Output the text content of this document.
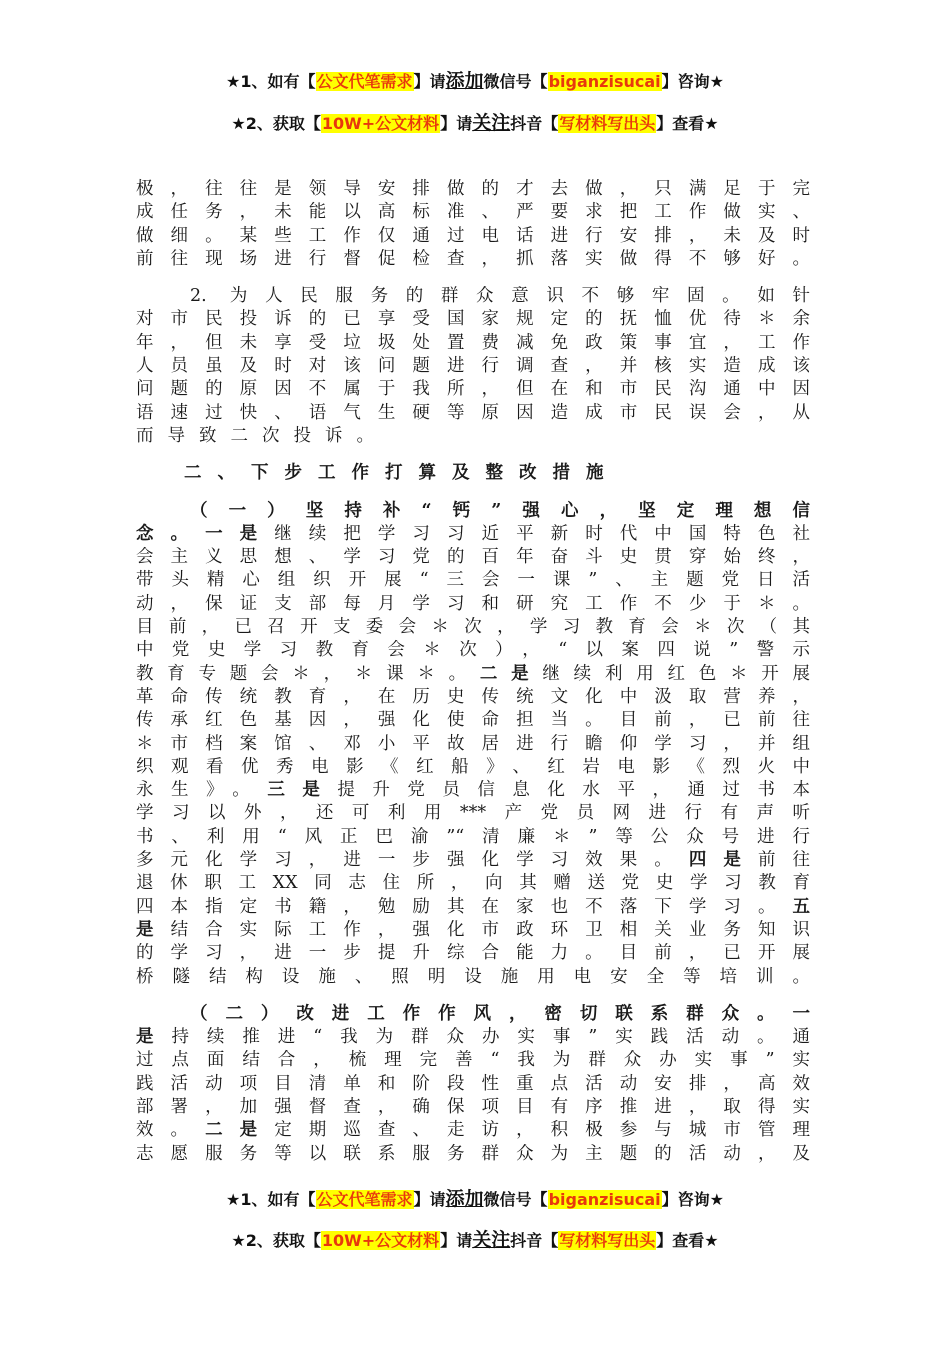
★1、如有【公文代笔需求】请添加微信号【biganzisucai】咨询★
★2、获取【10W+公文材料】请关注抖音【写材料写出头】查看★

极，往往是领导安排做的才去做，只满足于完

成任务，未能以高标准、严要求把工作做实、

做细。某些工作仅通过电话进行安排，未及时

前往现场进行督促检查，抓落实做得不够好。

2. 为人民服务的群众意识不够牢固。如针

对市民投诉的已享受国家规定的抚恤优待＊余

年，但未享受垃圾处置费减免政策事宜，工作

人员虽及时对该问题进行调查，并核实造成该

问题的原因不属于我所，但在和市民沟通中因

语速过快、语气生硬等原因造成市民误会，从

而导致二次投诉。

二、下步工作打算及整改措施

（一）坚持补“钙”强心，坚定理想信

念。一是继续把学习习近平新时代中国特色社

会主义思想、学习党的百年奋斗史贯穿始终，

带头精心组织开展“三会一课”、主题党日活

动，保证支部每月学习和研究工作不少于＊。

目前，已召开支委会＊次，学习教育会＊次（其

中党史学习教育会＊次），“以案四说”警示

教育专题会＊，＊课＊。二是继续利用红色＊开展

革命传统教育，在历史传统文化中汲取营养，

传承红色基因，强化使命担当。目前，已前往

＊市档案馆、邓小平故居进行瞻仰学习，并组

织观看优秀电影《红船》、红岩电影《烈火中

永生》。三是提升党员信息化水平，通过书本

学习以外，还可利用***产党员网进行有声听

书、利用“风正巴渝”“清廉＊”等公众号进行

多元化学习，进一步强化学习效果。四是前往

退休职工XX同志住所，向其赠送党史学习教育

四本指定书籍，勉励其在家也不落下学习。五

是结合实际工作，强化市政环卫相关业务知识

的学习，进一步提升综合能力。目前，已开展

桥隧结构设施、照明设施用电安全等培训。

（二）改进工作作风，密切联系群众。一

是持续推进“我为群众办实事”实践活动。通

过点面结合，梳理完善“我为群众办实事”实

践活动项目清单和阶段性重点活动安排，高效

部署，加强督查，确保项目有序推进，取得实

效。二是定期巡查、走访，积极参与城市管理

志愿服务等以联系服务群众为主题的活动，及

★1、如有【公文代笔需求】请添加微信号【biganzisucai】咨询★
★2、获取【10W+公文材料】请关注抖音【写材料写出头】查看★
